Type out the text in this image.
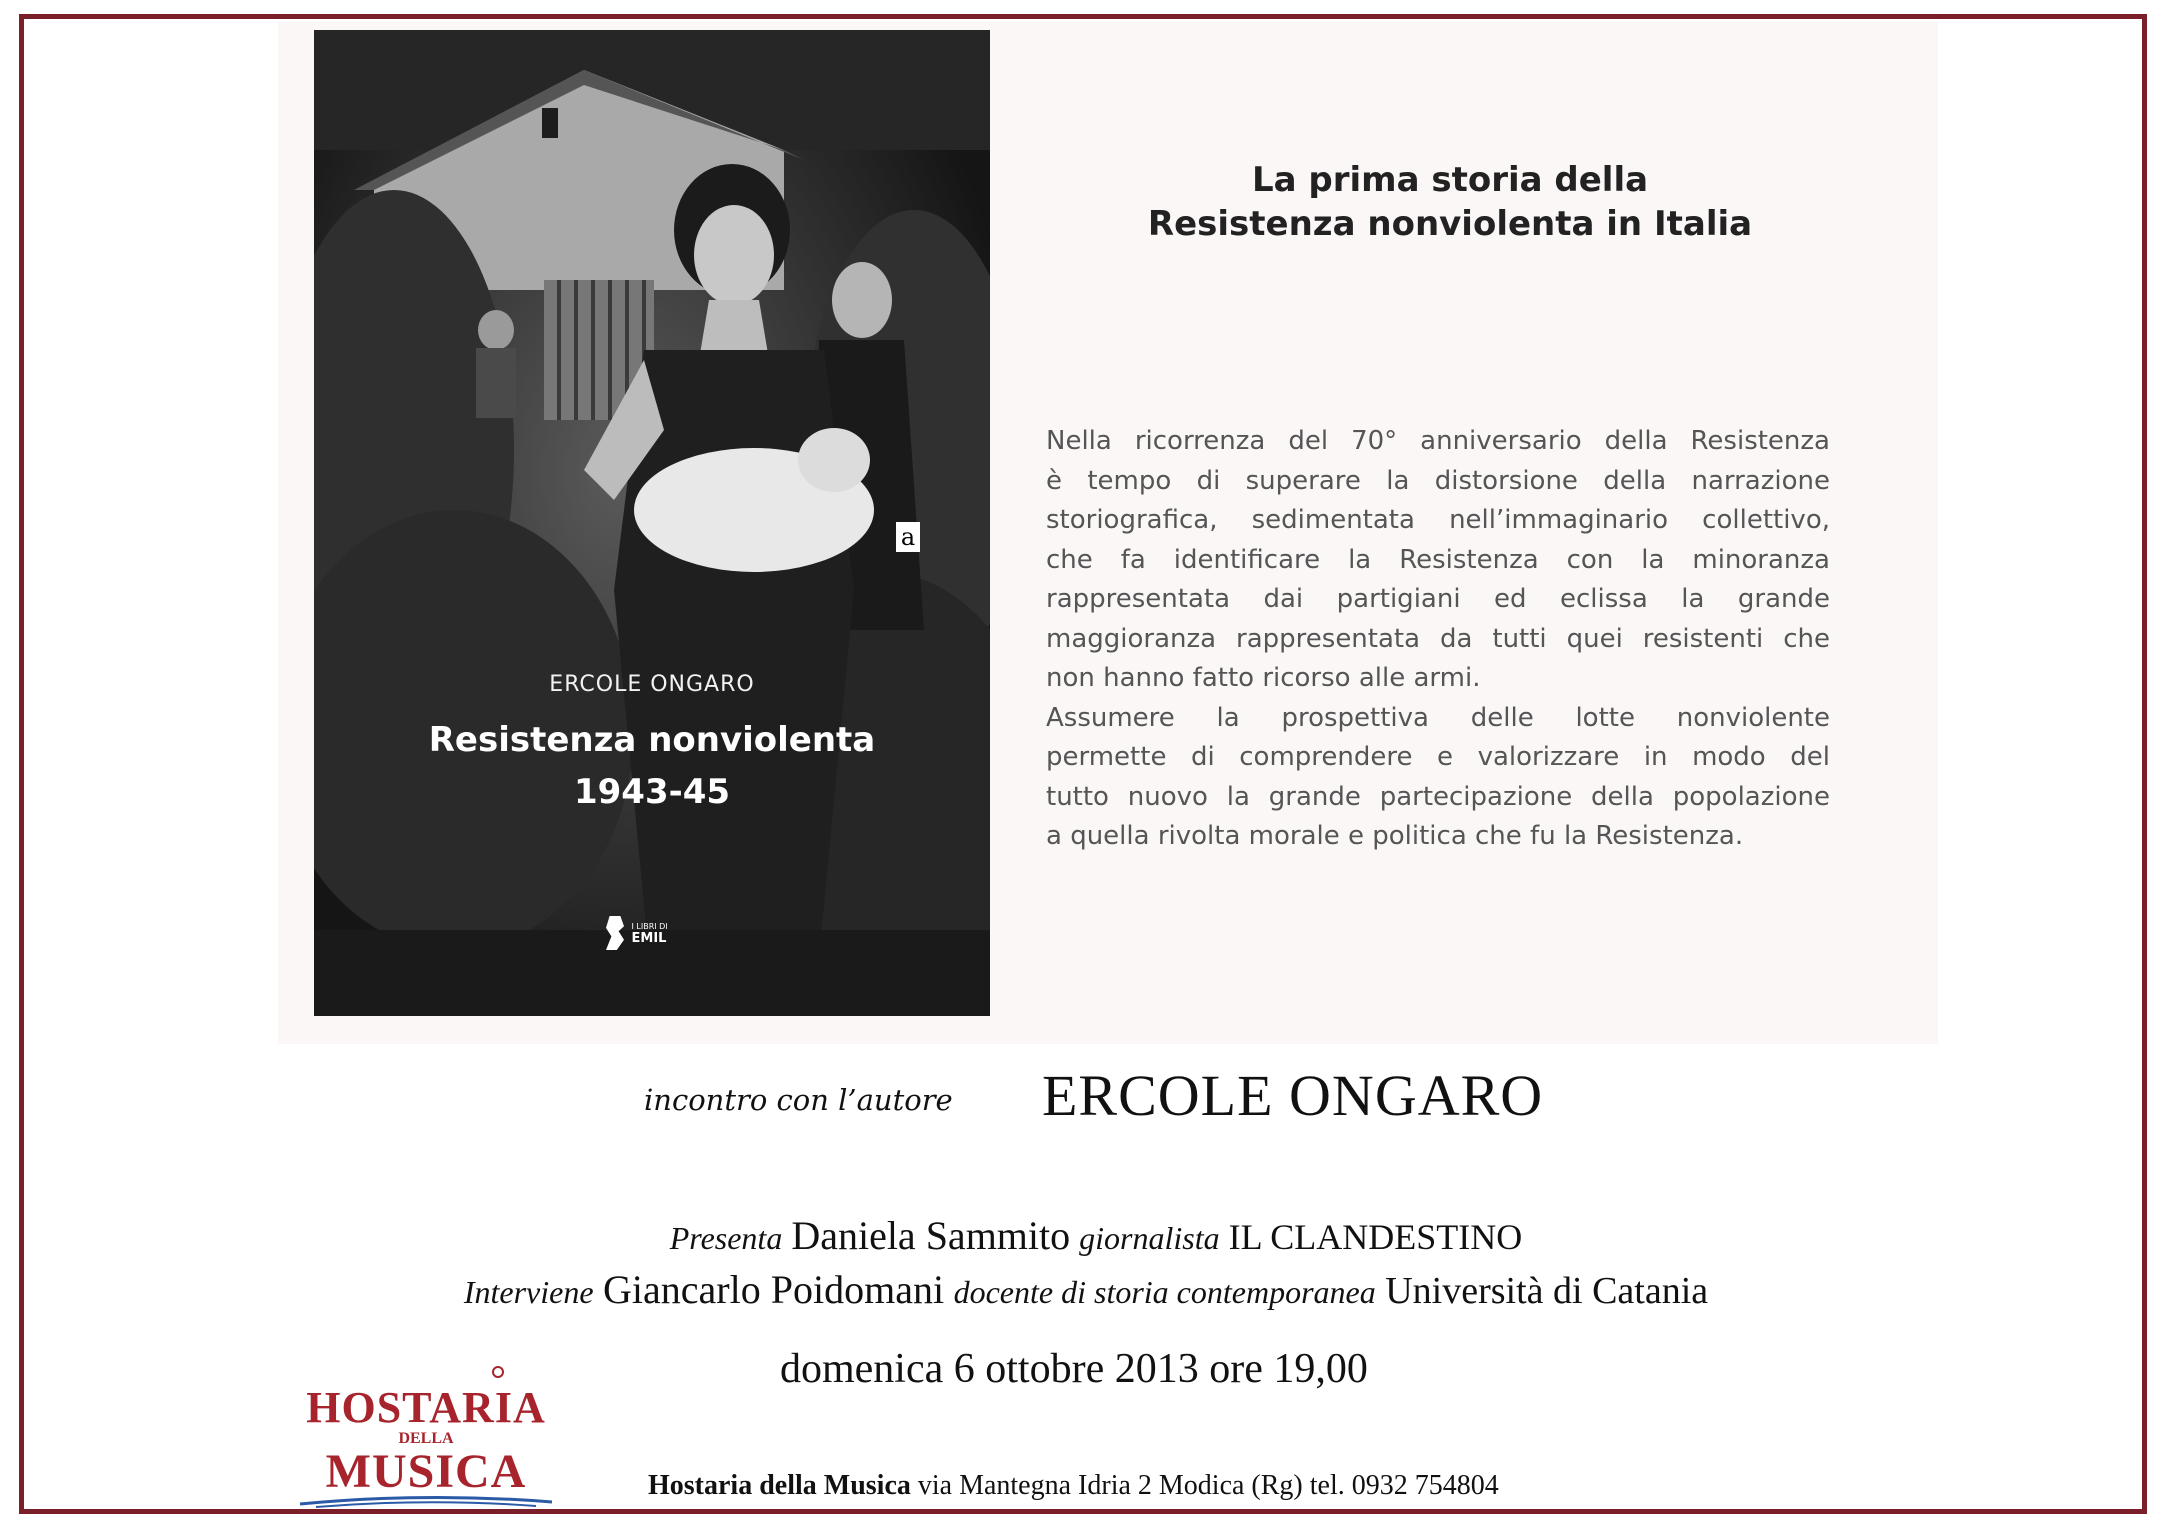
a
ERCOLE ONGARO
Resistenza nonviolenta
1943-45

I LIBRI DI
EMIL
La prima storia della
Resistenza nonviolenta in Italia
Nella ricorrenza del 70° anniversario della Resistenza
è tempo di superare la distorsione della narrazione
storiografica, sedimentata nell’immaginario collettivo,
che fa identificare la Resistenza con la minoranza
rappresentata dai partigiani ed eclissa la grande
maggioranza rappresentata da tutti quei resistenti che
non hanno fatto ricorso alle armi.
Assumere la prospettiva delle lotte nonviolente
permette di comprendere e valorizzare in modo del
tutto nuovo la grande partecipazione della popolazione
a quella rivolta morale e politica che fu la Resistenza.
incontro con l’autore ERCOLE ONGARO
Presenta Daniela Sammito giornalista IL CLANDESTINO
Interviene Giancarlo Poidomani docente di storia contemporanea Università di Catania
domenica 6 ottobre 2013 ore 19,00
HOSTARIA
DELLA
MUSICA	Hostaria della Musica via Mantegna Idria 2 Modica (Rg) tel. 0932 754804
